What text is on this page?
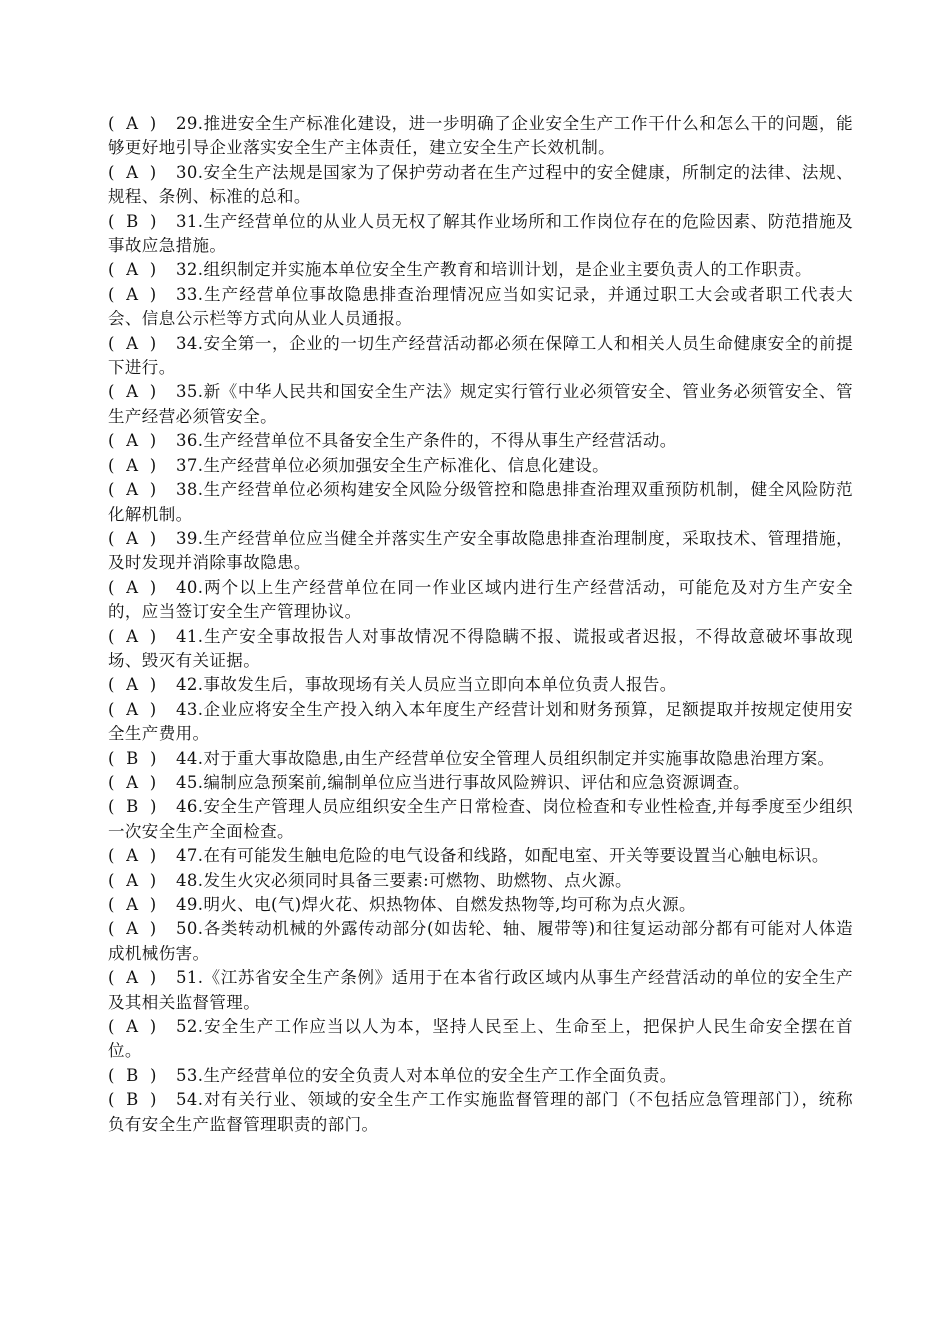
(  A  ) 29.推进安全生产标准化建设，进一步明确了企业安全生产工作干什么和怎么干的问题，能够更好地引导企业落实安全生产主体责任，建立安全生产长效机制。

(  A  ) 30.安全生产法规是国家为了保护劳动者在生产过程中的安全健康，所制定的法律、法规、规程、条例、标准的总和。

(  B  ) 31.生产经营单位的从业人员无权了解其作业场所和工作岗位存在的危险因素、防范措施及事故应急措施。

(  A  ) 32.组织制定并实施本单位安全生产教育和培训计划，是企业主要负责人的工作职责。

(  A  ) 33.生产经营单位事故隐患排查治理情况应当如实记录，并通过职工大会或者职工代表大会、信息公示栏等方式向从业人员通报。

(  A  ) 34.安全第一，企业的一切生产经营活动都必须在保障工人和相关人员生命健康安全的前提下进行。

(  A  ) 35.新《中华人民共和国安全生产法》规定实行管行业必须管安全、管业务必须管安全、管生产经营必须管安全。

(  A  ) 36.生产经营单位不具备安全生产条件的，不得从事生产经营活动。

(  A  ) 37.生产经营单位必须加强安全生产标准化、信息化建设。

(  A  ) 38.生产经营单位必须构建安全风险分级管控和隐患排查治理双重预防机制，健全风险防范化解机制。

(  A  ) 39.生产经营单位应当健全并落实生产安全事故隐患排查治理制度，采取技术、管理措施，及时发现并消除事故隐患。

(  A  ) 40.两个以上生产经营单位在同一作业区域内进行生产经营活动，可能危及对方生产安全的，应当签订安全生产管理协议。

(  A  ) 41.生产安全事故报告人对事故情况不得隐瞒不报、谎报或者迟报，不得故意破坏事故现场、毁灭有关证据。

(  A  ) 42.事故发生后，事故现场有关人员应当立即向本单位负责人报告。

(  A  ) 43.企业应将安全生产投入纳入本年度生产经营计划和财务预算，足额提取并按规定使用安全生产费用。

(  B  ) 44.对于重大事故隐患,由生产经营单位安全管理人员组织制定并实施事故隐患治理方案。

(  A  ) 45.编制应急预案前,编制单位应当进行事故风险辨识、评估和应急资源调查。

(  B  ) 46.安全生产管理人员应组织安全生产日常检查、岗位检查和专业性检查,并每季度至少组织一次安全生产全面检查。

(  A  ) 47.在有可能发生触电危险的电气设备和线路，如配电室、开关等要设置当心触电标识。

(  A  ) 48.发生火灾必须同时具备三要素:可燃物、助燃物、点火源。

(  A  ) 49.明火、电(气)焊火花、炽热物体、自燃发热物等,均可称为点火源。

(  A  ) 50.各类转动机械的外露传动部分(如齿轮、轴、履带等)和往复运动部分都有可能对人体造成机械伤害。

(  A  ) 51.《江苏省安全生产条例》适用于在本省行政区域内从事生产经营活动的单位的安全生产及其相关监督管理。

(  A  ) 52.安全生产工作应当以人为本，坚持人民至上、生命至上，把保护人民生命安全摆在首位。

(  B  ) 53.生产经营单位的安全负责人对本单位的安全生产工作全面负责。

(  B  ) 54.对有关行业、领域的安全生产工作实施监督管理的部门（不包括应急管理部门），统称负有安全生产监督管理职责的部门。
